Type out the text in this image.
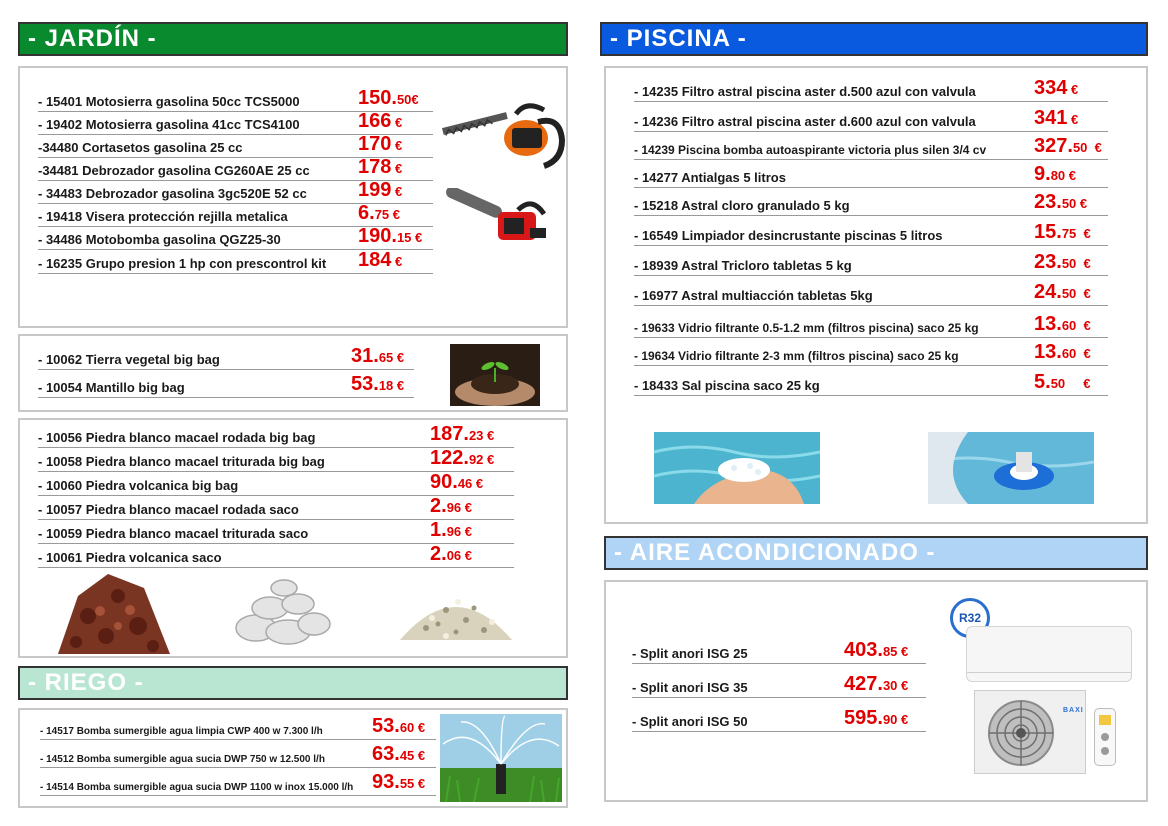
- JARDÍN -
- 15401 Motosierra gasolina 50cc TCS5000	150.50€
- 19402 Motosierra gasolina 41cc TCS4100	166 €
-34480 Cortasetos gasolina 25 cc	170 €
-34481 Debrozador gasolina CG260AE 25 cc 178 €
- 34483 Debrozador gasolina 3gc520E 52 cc	199 €
- 19418 Visera protección rejilla metalica	6.75 €
- 34486 Motobomba gasolina QGZ25-30	190.15 €
- 16235 Grupo presion 1 hp con prescontrol kit 184 €
- 10062 Tierra vegetal big bag	31.65 €
- 10054 Mantillo big bag	53.18 €
- 10056 Piedra blanco macael rodada big bag	187.23 €
- 10058 Piedra blanco macael triturada big bag	122.92 €
- 10060 Piedra volcanica big bag	90.46 €
- 10057 Piedra blanco macael rodada saco	2.96 €
- 10059 Piedra blanco macael triturada saco	1.96 €
- 10061 Piedra volcanica saco	2.06 €
- RIEGO -
- 14517 Bomba sumergible agua limpia CWP 400 w 7.300 l/h 53.60 €
- 14512 Bomba sumergible agua sucia DWP 750 w 12.500 l/h 63.45 €
- 14514 Bomba sumergible agua sucia DWP 1100 w inox 15.000 l/h 93.55 €
- PISCINA -
- 14235 Filtro astral piscina aster d.500 azul con valvula	334 €
- 14236 Filtro astral piscina aster d.600 azul con valvula	341 €
- 14239 Piscina bomba autoaspirante victoria plus silen 3/4 cv 327.50  €
- 14277 Antialgas 5 litros	9.80 €
- 15218 Astral cloro granulado 5 kg	23.50 €
- 16549 Limpiador desincrustante piscinas 5 litros	15.75  €
- 18939 Astral Tricloro tabletas 5 kg	23.50  €
- 16977 Astral multiacción tabletas 5kg	24.50  €
- 19633 Vidrio filtrante 0.5-1.2 mm (filtros piscina) saco 25 kg	13.60  €
- 19634 Vidrio filtrante 2-3 mm (filtros piscina) saco 25 kg	13.60  €
- 18433 Sal piscina saco 25 kg	5.50     €
- AIRE ACONDICIONADO -
- Split anori ISG 25	403.85 €
- Split anori ISG 35	427.30 €
- Split anori ISG 50	595.90 €
R32
BAXI
